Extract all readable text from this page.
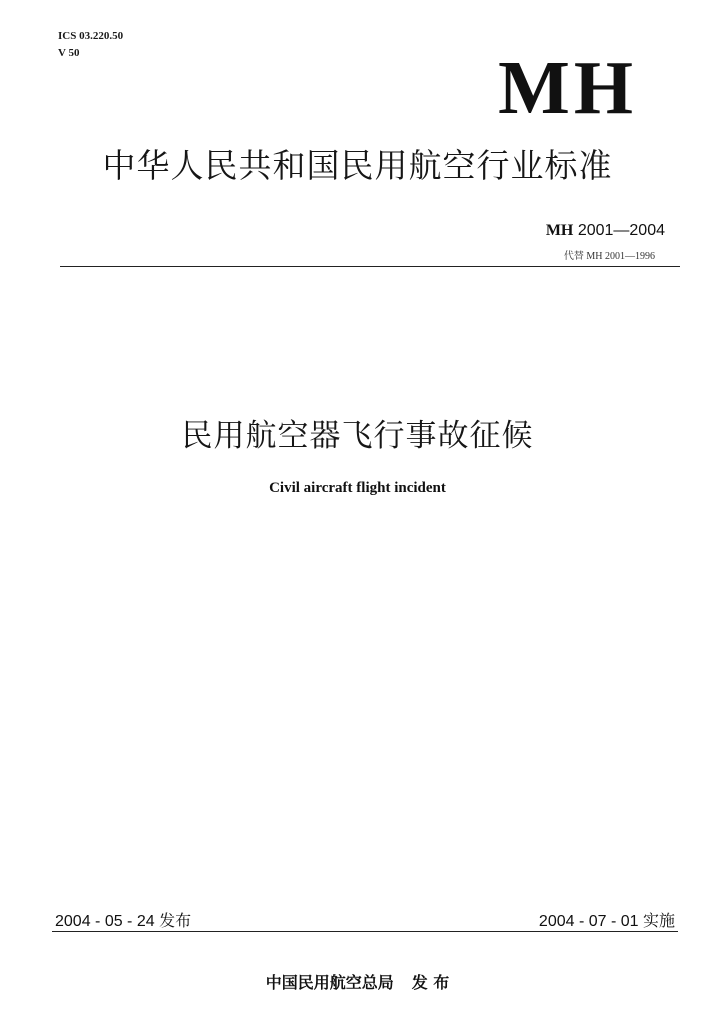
ICS 03.220.50
V 50	MH
中华人民共和国民用航空行业标准
MH 2001—2004
代替 MH 2001—1996
民用航空器飞行事故征候
Civil aircraft flight incident
2004 - 05 - 24 发布	2004 - 07 - 01 实施
中国民用航空总局 发 布
